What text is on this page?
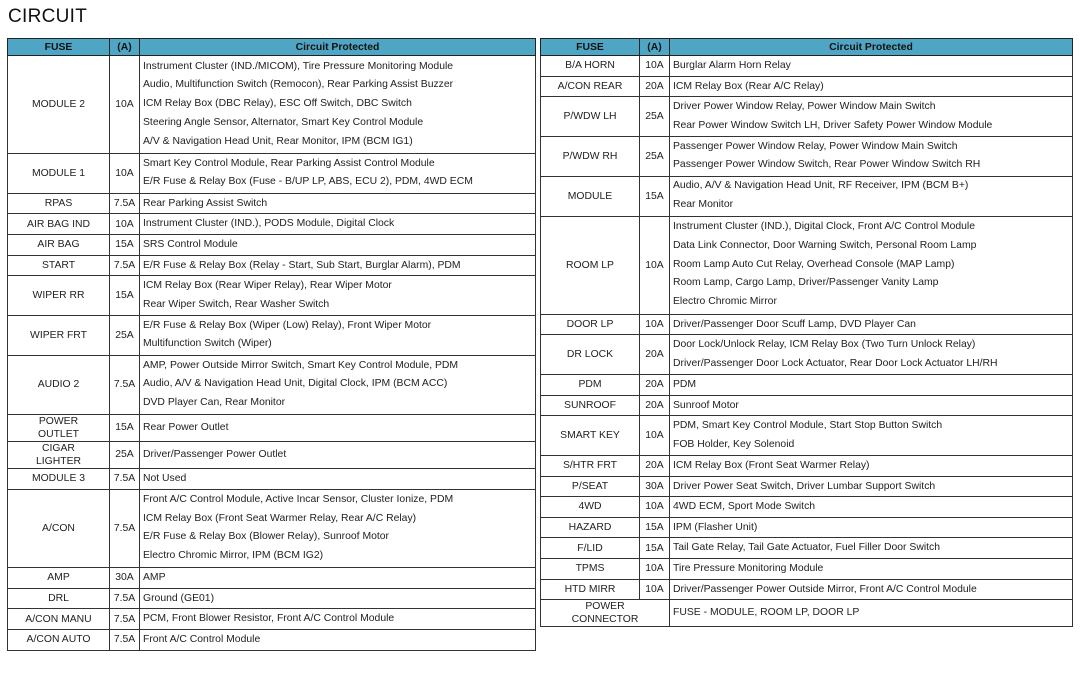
CIRCUIT
FUSE	(A)	Circuit Protected

MODULE 2	10A	Instrument Cluster (IND./MICOM), Tire Pressure Monitoring Module
Audio, Multifunction Switch (Remocon), Rear Parking Assist Buzzer
ICM Relay Box (DBC Relay), ESC Off Switch, DBC Switch
Steering Angle Sensor, Alternator, Smart Key Control Module
A/V & Navigation Head Unit, Rear Monitor, IPM (BCM IG1)

MODULE 1	10A	Smart Key Control Module, Rear Parking Assist Control Module
E/R Fuse & Relay Box (Fuse - B/UP LP, ABS, ECU 2), PDM, 4WD ECM

RPAS	7.5A	Rear Parking Assist Switch

AIR BAG IND	10A	Instrument Cluster (IND.), PODS Module, Digital Clock

AIR BAG	15A	SRS Control Module

START	7.5A	E/R Fuse & Relay Box (Relay - Start, Sub Start, Burglar Alarm), PDM

WIPER RR	15A	ICM Relay Box (Rear Wiper Relay), Rear Wiper Motor
Rear Wiper Switch, Rear Washer Switch

WIPER FRT	25A	E/R Fuse & Relay Box (Wiper (Low) Relay), Front Wiper Motor
Multifunction Switch (Wiper)

AUDIO 2	7.5A	AMP, Power Outside Mirror Switch, Smart Key Control Module, PDM
Audio, A/V & Navigation Head Unit, Digital Clock, IPM (BCM ACC)
DVD Player Can, Rear Monitor

POWER
OUTLET	15A	Rear Power Outlet

CIGAR
LIGHTER	25A	Driver/Passenger Power Outlet

MODULE 3	7.5A	Not Used

A/CON	7.5A	Front A/C Control Module, Active Incar Sensor, Cluster Ionize, PDM
ICM Relay Box (Front Seat Warmer Relay, Rear A/C Relay)
E/R Fuse & Relay Box (Blower Relay), Sunroof Motor
Electro Chromic Mirror, IPM (BCM IG2)

AMP	30A	AMP

DRL	7.5A	Ground (GE01)

A/CON MANU	7.5A	PCM, Front Blower Resistor, Front A/C Control Module

A/CON AUTO	7.5A	Front A/C Control Module
FUSE	(A)	Circuit Protected

B/A HORN	10A	Burglar Alarm Horn Relay

A/CON REAR	20A	ICM Relay Box (Rear A/C Relay)

P/WDW LH	25A	Driver Power Window Relay, Power Window Main Switch
Rear Power Window Switch LH, Driver Safety Power Window Module

P/WDW RH	25A	Passenger Power Window Relay, Power Window Main Switch
Passenger Power Window Switch, Rear Power Window Switch RH

MODULE	15A	Audio, A/V & Navigation Head Unit, RF Receiver, IPM (BCM B+)
Rear Monitor

ROOM LP	10A	Instrument Cluster (IND.), Digital Clock, Front A/C Control Module
Data Link Connector, Door Warning Switch, Personal Room Lamp
Room Lamp Auto Cut Relay, Overhead Console (MAP Lamp)
Room Lamp, Cargo Lamp, Driver/Passenger Vanity Lamp
Electro Chromic Mirror

DOOR LP	10A	Driver/Passenger Door Scuff Lamp, DVD Player Can

DR LOCK	20A	Door Lock/Unlock Relay, ICM Relay Box (Two Turn Unlock Relay)
Driver/Passenger Door Lock Actuator, Rear Door Lock Actuator LH/RH

PDM	20A	PDM

SUNROOF	20A	Sunroof Motor

SMART KEY	10A	PDM, Smart Key Control Module, Start Stop Button Switch
FOB Holder, Key Solenoid

S/HTR FRT	20A	ICM Relay Box (Front Seat Warmer Relay)

P/SEAT	30A	Driver Power Seat Switch, Driver Lumbar Support Switch

4WD	10A	4WD ECM, Sport Mode Switch

HAZARD	15A	IPM (Flasher Unit)

F/LID	15A	Tail Gate Relay, Tail Gate Actuator, Fuel Filler Door Switch

TPMS	10A	Tire Pressure Monitoring Module

HTD MIRR	10A	Driver/Passenger Power Outside Mirror, Front A/C Control Module

POWER
CONNECTOR		FUSE - MODULE, ROOM LP, DOOR LP
